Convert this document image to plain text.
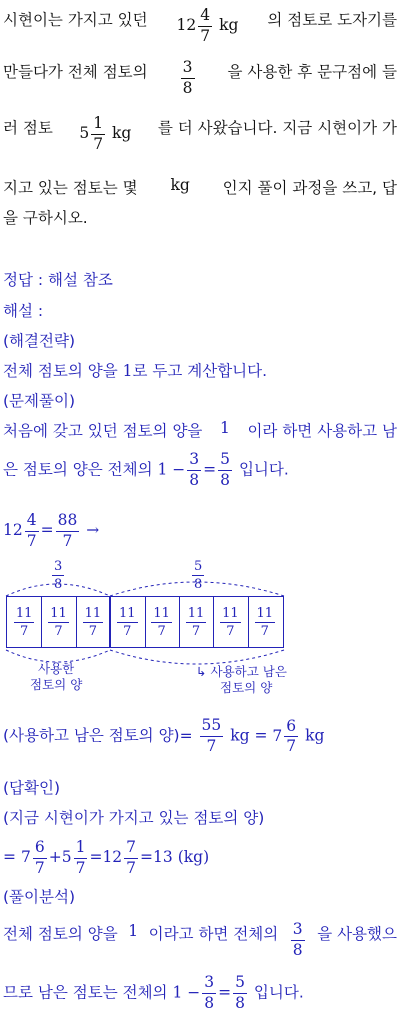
시현이는 가지고 있던 $12 \frac{4}{7}$ kg 의 점토로 도자기를
만들다가 전체 점토의 $\frac{3}{8}$ 을 사용한 후 문구점에 들
러 점토 $5 \frac{1}{7}$ kg 를 더 사왔습니다. 지금 시현이가 가
지고 있는 점토는 몇 kg 인지 풀이 과정을 쓰고, 답
을 구하시오.
정답 : 해설 참조
해설 :
(해결전략)
전체 점토의 양을 1로 두고 계산합니다.
(문제풀이)
처음에 갖고 있던 점토의 양을 1 이라 하면 사용하고 남
은 점토의 양은 전체의 $1 - \frac{3}{8} = \frac{5}{8}$ 입니다.
$12 \frac{4}{7} = \frac{88}{7}$ →
$\frac{3}{8}$	$\frac{5}{8}$
$\frac{11}{7} \frac{11}{7} \frac{11}{7} \frac{11}{7} \frac{11}{7} \frac{11}{7} \frac{11}{7} \frac{11}{7}$
사용한
점토의 양
↳ 사용하고 남은
점토의 양
(사용하고 남은 점토의 양)= $\frac{55}{7}$ kg = $7 \frac{6}{7}$ kg
(답확인)
(지금 시현이가 가지고 있는 점토의 양)
= $7 \frac{6}{7} +5 \frac{1}{7} =12 \frac{7}{7} =13$ (kg)
(풀이분석)
전체 점토의 양을 1 이라고 하면 전체의 $\frac{3}{8}$ 을 사용했으
므로 남은 점토는 전체의 $1 - \frac{3}{8} = \frac{5}{8}$ 입니다.
